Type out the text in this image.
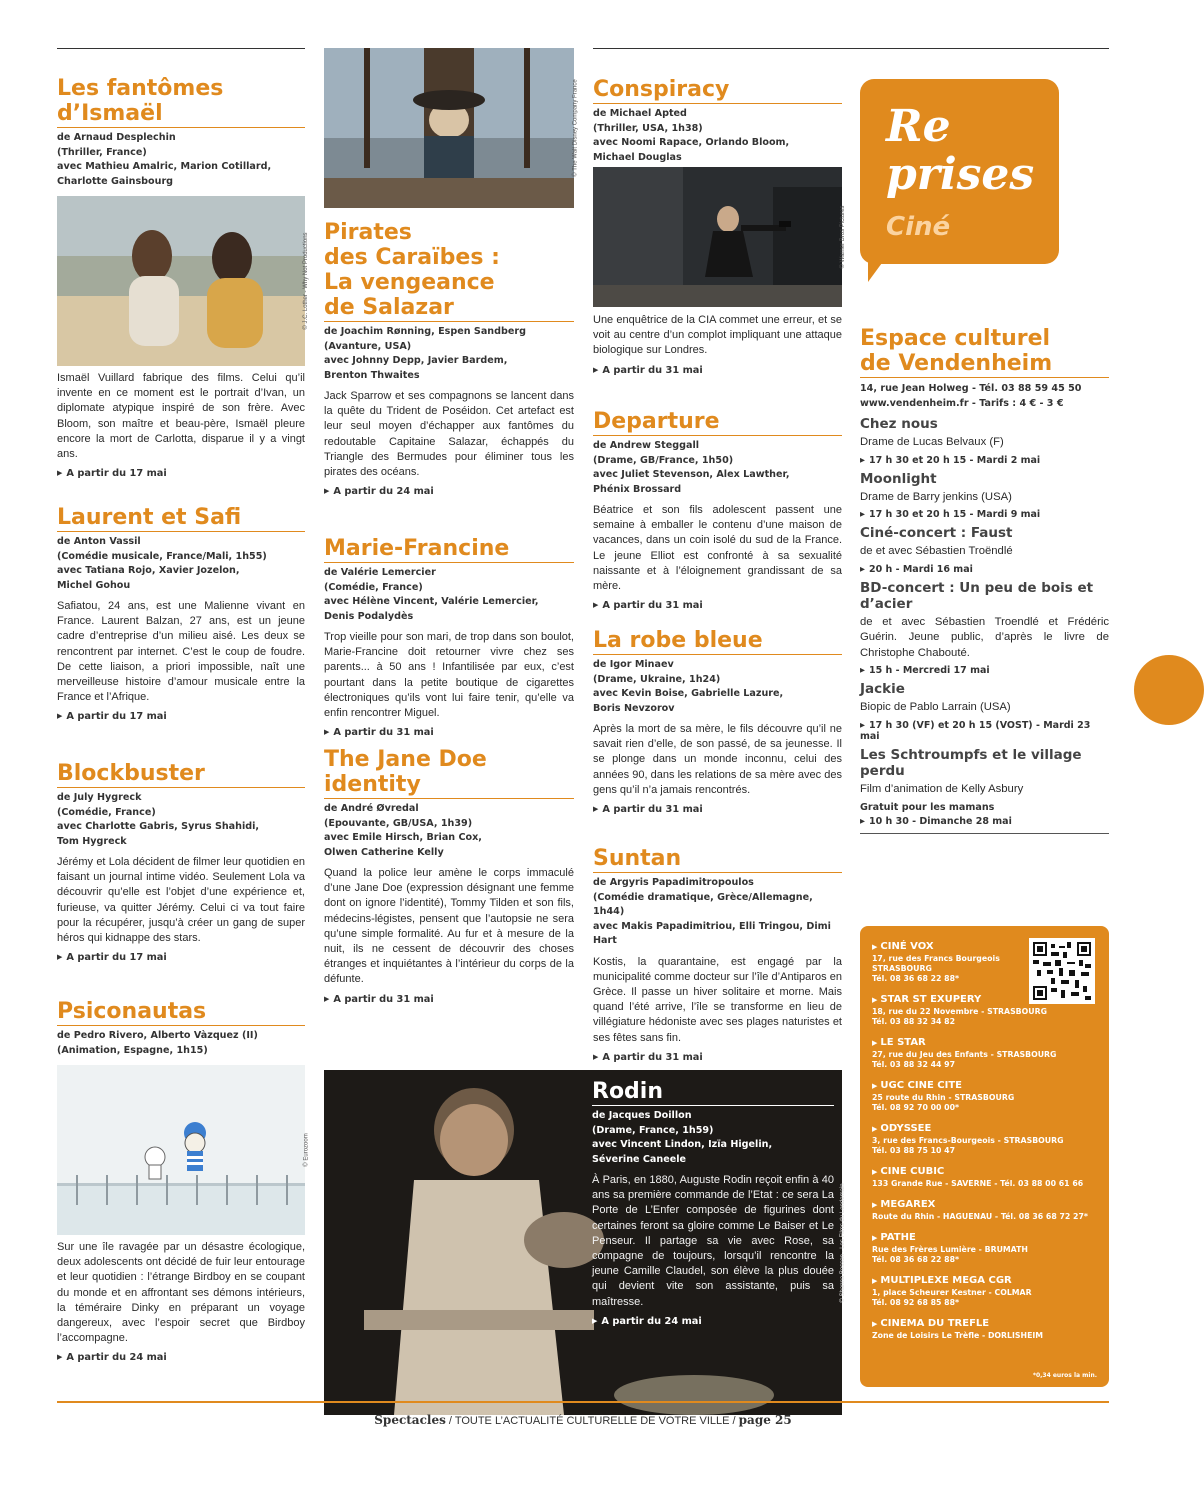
Les fantômes
d’Ismaël
de Arnaud Desplechin
(Thriller, France)
avec Mathieu Amalric, Marion Cotillard,
Charlotte Gainsbourg
© J.C. Lother - Why Not Productions
Ismaël Vuillard fabrique des films. Celui qu’il invente en ce moment est le portrait d’Ivan, un diplomate atypique inspiré de son frère. Avec Bloom, son maître et beau-père, Ismaël pleure encore la mort de Carlotta, disparue il y a vingt ans.
▶ A partir du 17 mai
Laurent et Safi
de Anton Vassil
(Comédie musicale, France/Mali, 1h55)
avec Tatiana Rojo, Xavier Jozelon,
Michel Gohou
Safiatou, 24 ans, est une Malienne vivant en France. Laurent Balzan, 27 ans, est un jeune cadre d’entreprise d’un milieu aisé. Les deux se rencontrent par internet. C’est le coup de foudre. De cette liaison, a priori impossible, naît une merveilleuse histoire d’amour musicale entre la France et l’Afrique.
▶ A partir du 17 mai
Blockbuster
de July Hygreck
(Comédie, France)
avec Charlotte Gabris, Syrus Shahidi,
Tom Hygreck
Jérémy et Lola décident de filmer leur quotidien en faisant un journal intime vidéo. Seulement Lola va découvrir qu’elle est l’objet d’une expérience et, furieuse, va quitter Jérémy. Celui ci va tout faire pour la récupérer, jusqu’à créer un gang de super héros qui kidnappe des stars.
▶ A partir du 17 mai
Psiconautas
de Pedro Rivero, Alberto Vàzquez (II)
(Animation, Espagne, 1h15)
© Eurozoom
Sur une île ravagée par un désastre écologique, deux adolescents ont décidé de fuir leur entourage et leur quotidien : l’étrange Birdboy en se coupant du monde et en affrontant ses démons intérieurs, la téméraire Dinky en préparant un voyage dangereux, avec l’espoir secret que Birdboy l’accompagne.
▶ A partir du 24 mai
© The Walt Disney Company France
Pirates
des Caraïbes :
La vengeance
de Salazar
de Joachim Rønning, Espen Sandberg
(Avanture, USA)
avec Johnny Depp, Javier Bardem,
Brenton Thwaites
Jack Sparrow et ses compagnons se lancent dans la quête du Trident de Poséidon. Cet artefact est leur seul moyen d’échapper aux fantômes du redoutable Capitaine Salazar, échappés du Triangle des Bermudes pour éliminer tous les pirates des océans.
▶ A partir du 24 mai
Marie-Francine
de Valérie Lemercier
(Comédie, France)
avec Hélène Vincent, Valérie Lemercier,
Denis Podalydès
Trop vieille pour son mari, de trop dans son boulot, Marie-Francine doit retourner vivre chez ses parents... à 50 ans ! Infantilisée par eux, c’est pourtant dans la petite boutique de cigarettes électroniques qu’ils vont lui faire tenir, qu’elle va enfin rencontrer Miguel.
▶ A partir du 31 mai
The Jane Doe
identity
de André Øvredal
(Epouvante, GB/USA, 1h39)
avec Emile Hirsch, Brian Cox,
Olwen Catherine Kelly
Quand la police leur amène le corps immaculé d’une Jane Doe (expression désignant une femme dont on ignore l’identité), Tommy Tilden et son fils, médecins-légistes, pensent que l’autopsie ne sera qu’une simple formalité. Au fur et à mesure de la nuit, ils ne cessent de découvrir des choses étranges et inquiétantes à l’intérieur du corps de la défunte.
▶ A partir du 31 mai
Conspiracy
de Michael Apted
(Thriller, USA, 1h38)
avec Noomi Rapace, Orlando Bloom,
Michael Douglas
© Warner Bros Pictures
Une enquêtrice de la CIA commet une erreur, et se voit au centre d’un complot impliquant une attaque biologique sur Londres.
▶ A partir du 31 mai
Departure
de Andrew Steggall
(Drame, GB/France, 1h50)
avec Juliet Stevenson, Alex Lawther,
Phénix Brossard
Béatrice et son fils adolescent passent une semaine à emballer le contenu d’une maison de vacances, dans un coin isolé du sud de la France. Le jeune Elliot est confronté à sa sexualité naissante et à l’éloignement grandissant de sa mère.
▶ A partir du 31 mai
La robe bleue
de Igor Minaev
(Drame, Ukraine, 1h24)
avec Kevin Boise, Gabrielle Lazure,
Boris Nevzorov
Après la mort de sa mère, le fils découvre qu’il ne savait rien d’elle, de son passé, de sa jeunesse. Il se plonge dans un monde inconnu, celui des années 90, dans les relations de sa mère avec des gens qu’il n’a jamais rencontrés.
▶ A partir du 31 mai
Suntan
de Argyris Papadimitropoulos
(Comédie dramatique, Grèce/Allemagne, 1h44)
avec Makis Papadimitriou, Elli Tringou, Dimi Hart
Kostis, la quarantaine, est engagé par la municipalité comme docteur sur l’île d’Antiparos en Grèce. Il passe un hiver solitaire et morne. Mais quand l’été arrive, l’île se transforme en lieu de villégiature hédoniste avec ses plages naturistes et ses fêtes sans fin.
▶ A partir du 31 mai
© Shanna Besson - Les Films du Lendemain
Rodin
de Jacques Doillon
(Drame, France, 1h59)
avec Vincent Lindon, Izïa Higelin,
Séverine Caneele
À Paris, en 1880, Auguste Rodin reçoit enfin à 40 ans sa première commande de l’Etat : ce sera La Porte de L’Enfer composée de figurines dont certaines feront sa gloire comme Le Baiser et Le Penseur. Il partage sa vie avec Rose, sa compagne de toujours, lorsqu’il rencontre la jeune Camille Claudel, son élève la plus douée qui devient vite son assistante, puis sa maîtresse.
▶ A partir du 24 mai
Re
prises
Ciné
Espace culturel
de Vendenheim
14, rue Jean Holweg - Tél. 03 88 59 45 50
www.vendenheim.fr - Tarifs : 4 € - 3 €
Chez nous
Drame de Lucas Belvaux (F)
▶ 17 h 30 et 20 h 15 - Mardi 2 mai
Moonlight
Drame de Barry jenkins (USA)
▶ 17 h 30 et 20 h 15 - Mardi 9 mai
Ciné-concert : Faust
de et avec Sébastien Troëndlé
▶ 20 h - Mardi 16 mai
BD-concert : Un peu de bois et d’acier
de et avec Sébastien Troendlé et Frédéric Guérin. Jeune public, d’après le livre de Christophe Chabouté.
▶ 15 h - Mercredi 17 mai
Jackie
Biopic de Pablo Larrain (USA)
▶ 17 h 30 (VF) et 20 h 15 (VOST) - Mardi 23 mai
Les Schtroumpfs et le village perdu
Film d’animation de Kelly Asbury
Gratuit pour les mamans
▶ 10 h 30 - Dimanche 28 mai
▶ CINÉ VOX
17, rue des Francs Bourgeois
STRASBOURG
Tél. 08 36 68 22 88*
▶ STAR ST EXUPERY
18, rue du 22 Novembre - STRASBOURG
Tél. 03 88 32 34 82
▶ LE STAR
27, rue du Jeu des Enfants - STRASBOURG
Tél. 03 88 32 44 97
▶ UGC CINE CITE
25 route du Rhin - STRASBOURG
Tél. 08 92 70 00 00*
▶ ODYSSEE
3, rue des Francs-Bourgeois - STRASBOURG
Tél. 03 88 75 10 47
▶ CINE CUBIC
133 Grande Rue - SAVERNE - Tél. 03 88 00 61 66
▶ MEGAREX
Route du Rhin - HAGUENAU - Tél. 08 36 68 72 27*
▶ PATHE
Rue des Frères Lumière - BRUMATH
Tél. 08 36 68 22 88*
▶ MULTIPLEXE MEGA CGR
1, place Scheurer Kestner - COLMAR
Tél. 08 92 68 85 88*
▶ CINEMA DU TREFLE
Zone de Loisirs Le Trèfle - DORLISHEIM
*0,34 euros la min.
Spectacles / TOUTE L’ACTUALITÉ CULTURELLE DE VOTRE VILLE / page 25
